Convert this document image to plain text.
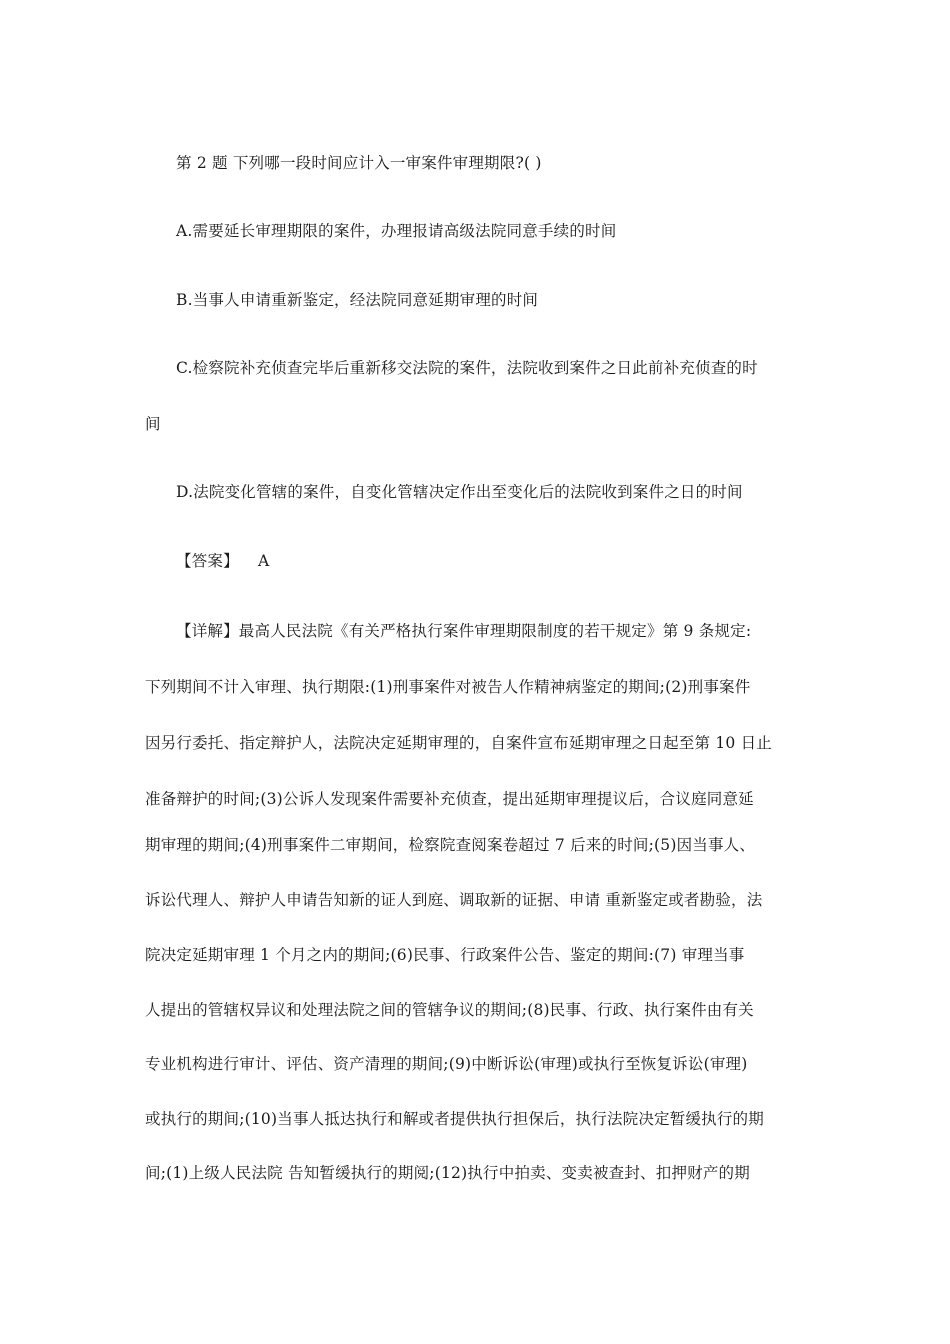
第 2 题 下列哪一段时间应计入一审案件审理期限?( )
A.需要延长审理期限的案件，办理报请高级法院同意手续的时间
B.当事人申请重新鉴定，经法院同意延期审理的时间
C.检察院补充侦查完毕后重新移交法院的案件，法院收到案件之日此前补充侦查的时
间
D.法院变化管辖的案件，自变化管辖决定作出至变化后的法院收到案件之日的时间
【答案】 A
【详解】最高人民法院《有关严格执行案件审理期限制度的若干规定》第 9 条规定:
下列期间不计入审理、执行期限:(1)刑事案件对被告人作精神病鉴定的期间;(2)刑事案件
因另行委托、指定辩护人，法院决定延期审理的，自案件宣布延期审理之日起至第 10 日止
准备辩护的时间;(3)公诉人发现案件需要补充侦查，提出延期审理提议后，合议庭同意延
期审理的期间;(4)刑事案件二审期间，检察院查阅案卷超过 7 后来的时间;(5)因当事人、
诉讼代理人、辩护人申请告知新的证人到庭、调取新的证据、申请 重新鉴定或者勘验，法
院决定延期审理 1 个月之内的期间;(6)民事、行政案件公告、鉴定的期间:(7) 审理当事
人提出的管辖权异议和处理法院之间的管辖争议的期间;(8)民事、行政、执行案件由有关
专业机构进行审计、评估、资产清理的期间;(9)中断诉讼(审理)或执行至恢复诉讼(审理)
或执行的期间;(10)当事人抵达执行和解或者提供执行担保后，执行法院决定暂缓执行的期
间;(1)上级人民法院 告知暂缓执行的期阅;(12)执行中拍卖、变卖被查封、扣押财产的期
